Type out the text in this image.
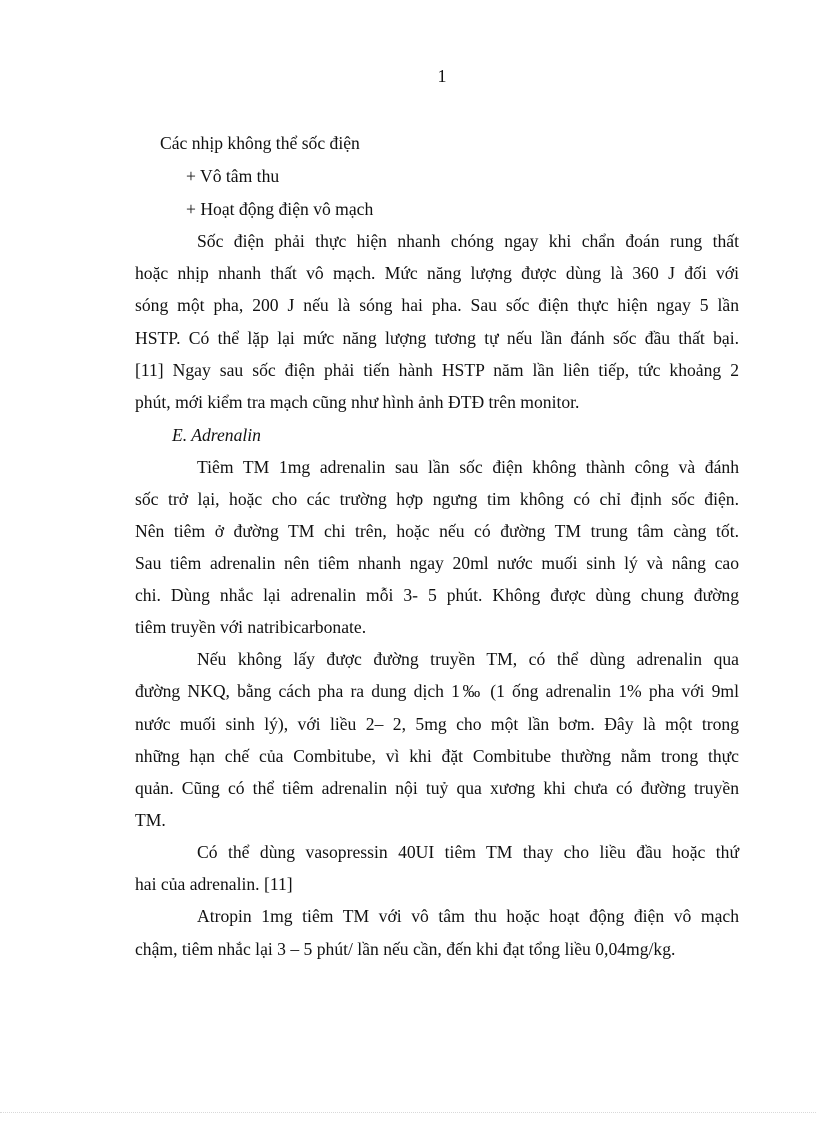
1
Các nhịp không thể sốc điện
+ Vô tâm thu
+ Hoạt động điện vô mạch
Sốc điện phải thực hiện nhanh chóng ngay khi chẩn đoán rung thất
hoặc nhịp nhanh thất vô mạch. Mức năng lượng được dùng là 360 J đối với
sóng một pha, 200 J nếu là sóng hai pha. Sau sốc điện thực hiện ngay 5 lần
HSTP. Có thể lặp lại mức năng lượng tương tự nếu lần đánh sốc đầu thất bại.
[11] Ngay sau sốc điện phải tiến hành HSTP năm lần liên tiếp, tức khoảng 2
phút, mới kiểm tra mạch cũng như hình ảnh ĐTĐ trên monitor.
E. Adrenalin
Tiêm TM 1mg adrenalin sau lần sốc điện không thành công và đánh
sốc trở lại, hoặc cho các trường hợp ngưng tim không có chỉ định sốc điện.
Nên tiêm ở đường TM chi trên, hoặc nếu có đường TM trung tâm càng tốt.
Sau tiêm adrenalin nên tiêm nhanh ngay 20ml nước muối sinh lý và nâng cao
chi. Dùng nhắc lại adrenalin mỗi 3- 5 phút. Không được dùng chung đường
tiêm truyền với natribicarbonate.
Nếu không lấy được đường truyền TM, có thể dùng adrenalin qua
đường NKQ, bằng cách pha ra dung dịch 1‰ (1 ống adrenalin 1% pha với 9ml
nước muối sinh lý), với liều 2– 2, 5mg cho một lần bơm. Đây là một trong
những hạn chế của Combitube, vì khi đặt Combitube thường nằm trong thực
quản. Cũng có thể tiêm adrenalin nội tuỷ qua xương khi chưa có đường truyền
TM.
Có thể dùng vasopressin 40UI tiêm TM thay cho liều đầu hoặc thứ
hai của adrenalin. [11]
Atropin 1mg tiêm TM với vô tâm thu hoặc hoạt động điện vô mạch
chậm, tiêm nhắc lại 3 – 5 phút/ lần nếu cần, đến khi đạt tổng liều 0,04mg/kg.
